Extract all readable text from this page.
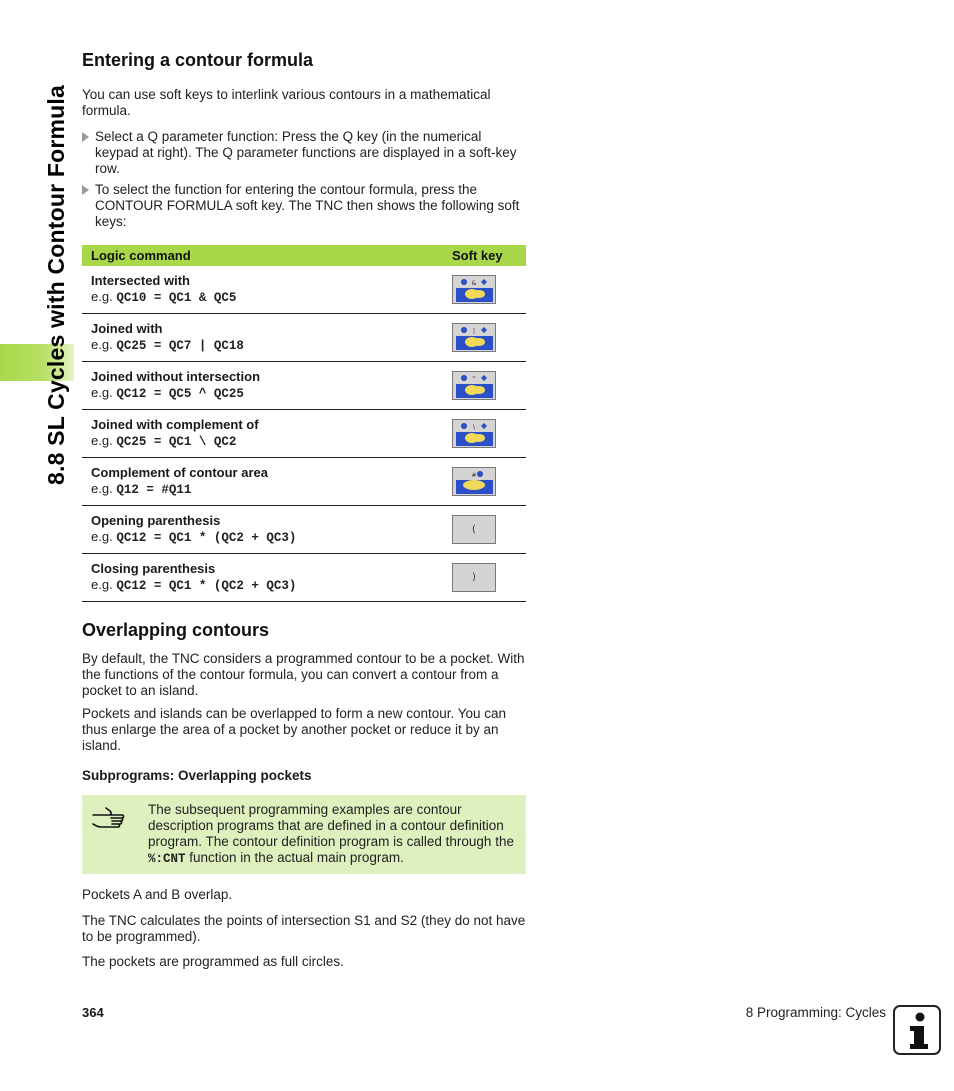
8.8 SL Cycles with Contour Formula
Entering a contour formula

You can use soft keys to interlink various contours in a mathematical formula.

Select a Q parameter function: Press the Q key (in the numerical keypad at right). The Q parameter functions are displayed in a soft-key row.
To select the function for entering the contour formula, press the CONTOUR FORMULA soft key. The TNC then shows the following soft keys:
Logic command	Soft key

Intersected with
e.g. QC10 = QC1 & QC5	&

Joined with
e.g. QC25 = QC7 | QC18	|

Joined without intersection
e.g. QC12 = QC5 ^ QC25	^

Joined with complement of
e.g. QC25 = QC1 \ QC2	\

Complement of contour area
e.g. Q12 = #Q11	#

Opening parenthesis
e.g. QC12 = QC1 * (QC2 + QC3)	(

Closing parenthesis
e.g. QC12 = QC1 * (QC2 + QC3)	)
Overlapping contours

By default, the TNC considers a programmed contour to be a pocket. With the functions of the contour formula, you can convert a contour from a pocket to an island.

Pockets and islands can be overlapped to form a new contour. You can thus enlarge the area of a pocket by another pocket or reduce it by an island.

Subprograms: Overlapping pockets

The subsequent programming examples are contour description programs that are defined in a contour definition program. The contour definition program is called through the %:CNT function in the actual main program.

Pockets A and B overlap.

The TNC calculates the points of intersection S1 and S2 (they do not have to be programmed).

The pockets are programmed as full circles.

364	8 Programming: Cycles
